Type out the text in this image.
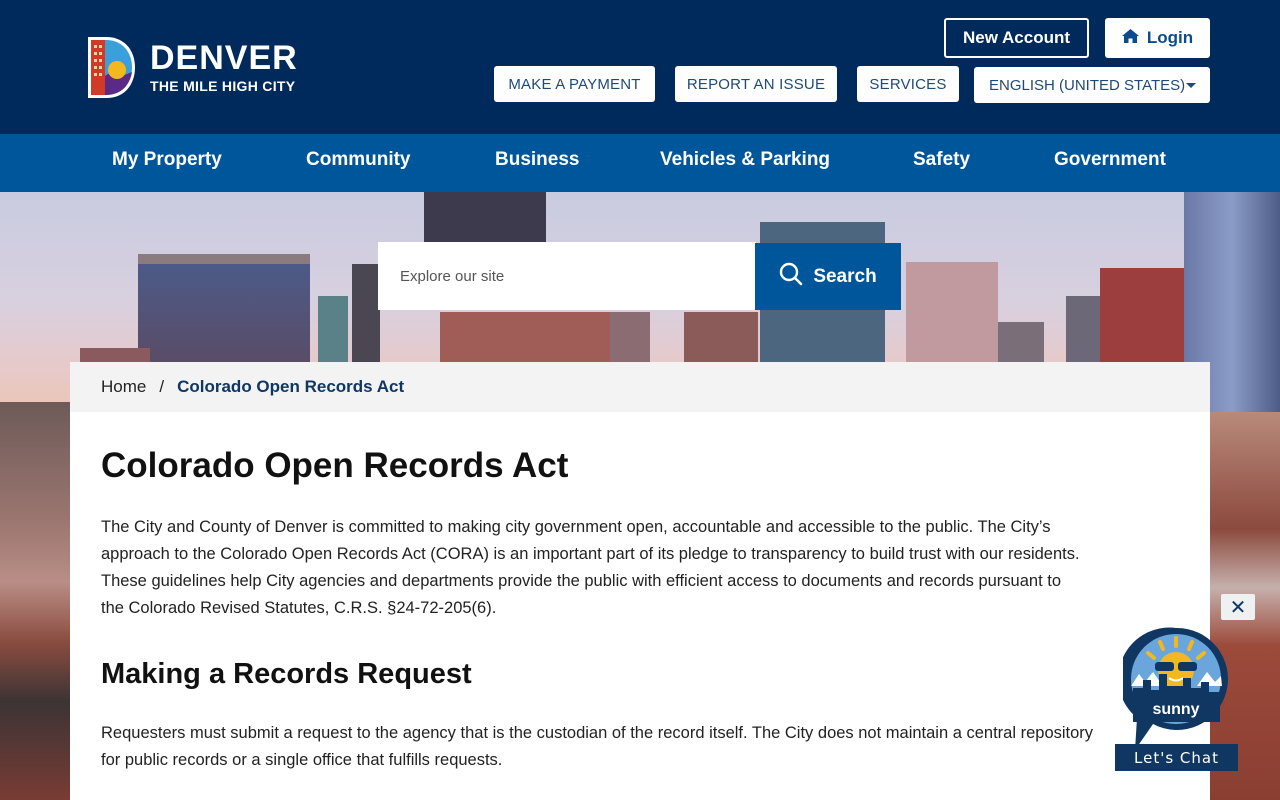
DENVER
THE MILE HIGH CITY
New Account	Login
MAKE A PAYMENT	REPORT AN ISSUE	SERVICES	ENGLISH (UNITED STATES)
My Property	Community	Business	Vehicles & Parking	Safety	Government
Explore our site	Search
Home / Colorado Open Records Act
Colorado Open Records Act
The City and County of Denver is committed to making city government open, accountable and accessible to the public. The City’s
approach to the Colorado Open Records Act (CORA) is an important part of its pledge to transparency to build trust with our residents.
These guidelines help City agencies and departments provide the public with efficient access to documents and records pursuant to
the Colorado Revised Statutes, C.R.S. §24-72-205(6).
Making a Records Request
Requesters must submit a request to the agency that is the custodian of the record itself. The City does not maintain a central repository
for public records or a single office that fulfills requests.
✕
sunny
Let's Chat
